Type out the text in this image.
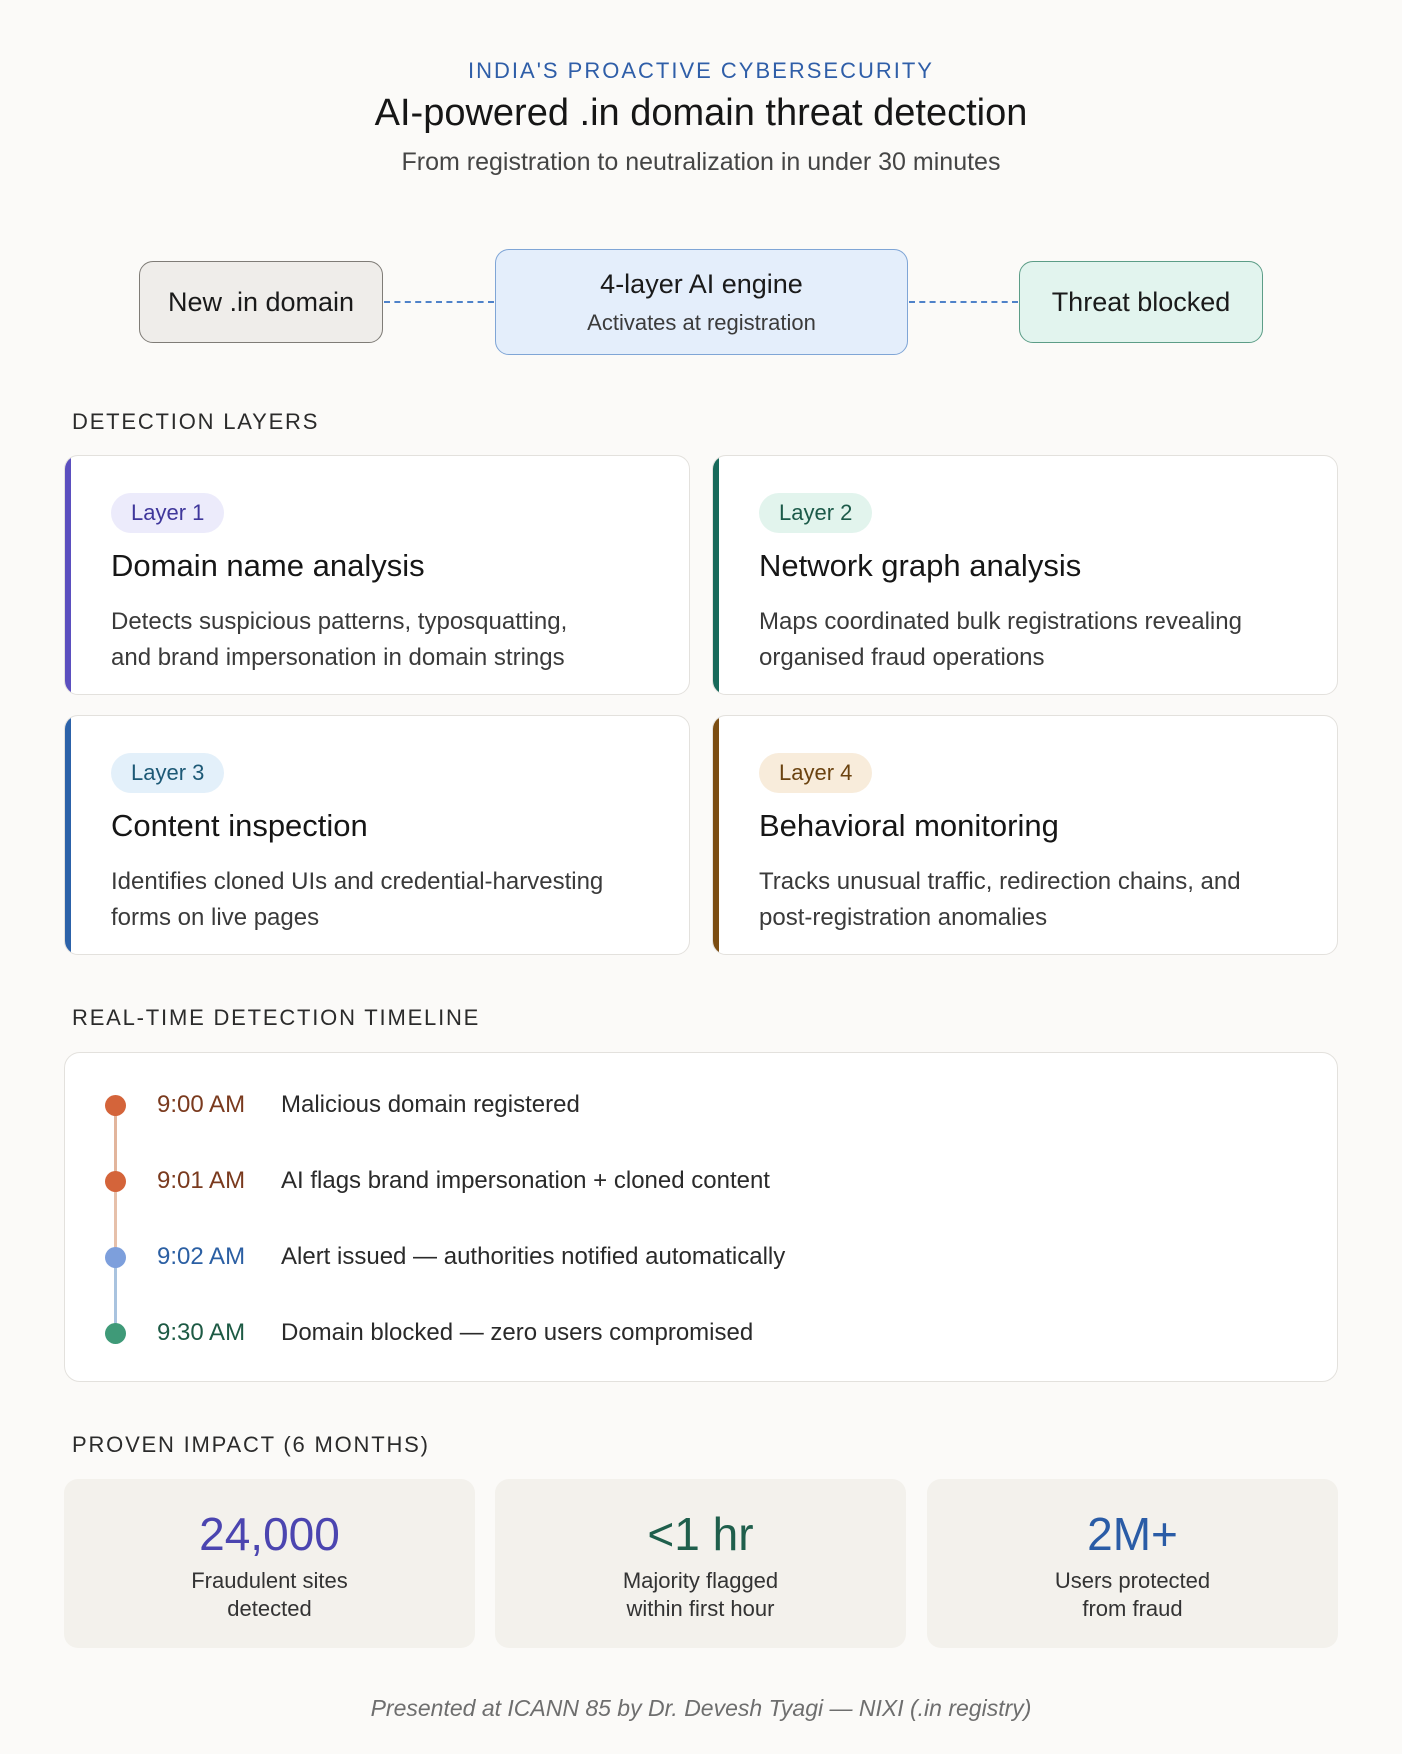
INDIA'S PROACTIVE CYBERSECURITY
AI-powered .in domain threat detection
From registration to neutralization in under 30 minutes
New .in domain
4-layer AI engine
Activates at registration
Threat blocked
DETECTION LAYERS
Layer 1
Domain name analysis
Detects suspicious patterns, typosquatting,
and brand impersonation in domain strings
Layer 2
Network graph analysis
Maps coordinated bulk registrations revealing
organised fraud operations
Layer 3
Content inspection
Identifies cloned UIs and credential-harvesting
forms on live pages
Layer 4
Behavioral monitoring
Tracks unusual traffic, redirection chains, and
post-registration anomalies
REAL-TIME DETECTION TIMELINE
9:00 AM Malicious domain registered
9:01 AM AI flags brand impersonation + cloned content
9:02 AM Alert issued — authorities notified automatically
9:30 AM Domain blocked — zero users compromised
PROVEN IMPACT (6 MONTHS)
24,000
Fraudulent sites
detected
<1 hr
Majority flagged
within first hour
2M+
Users protected
from fraud
Presented at ICANN 85 by Dr. Devesh Tyagi — NIXI (.in registry)
